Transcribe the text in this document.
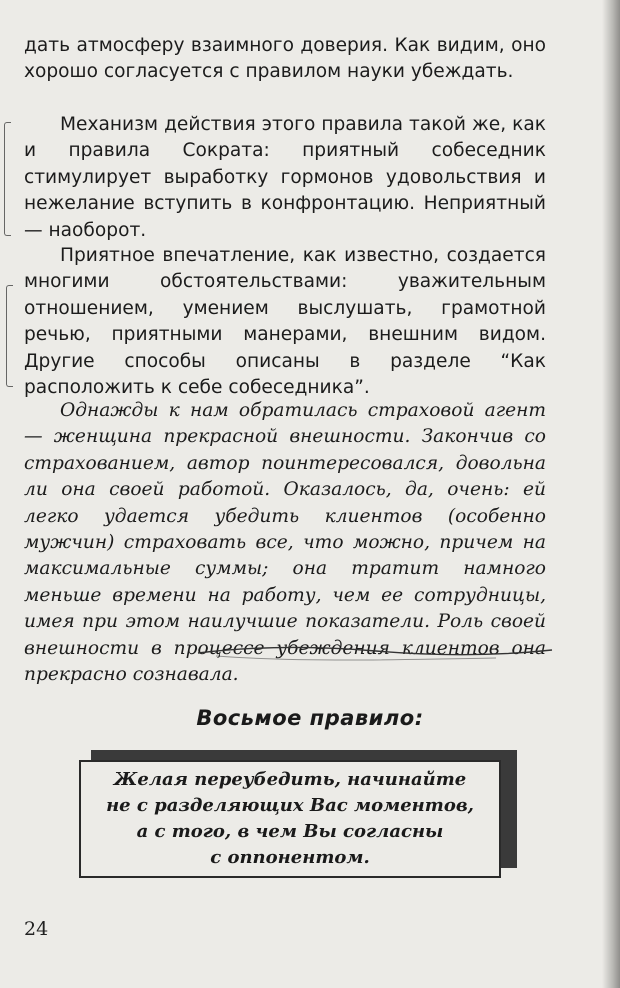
дать атмосферу взаимного доверия. Как видим, оно хорошо согласуется с правилом науки убеждать.

Механизм действия этого правила такой же, как и правила Сократа: приятный собеседник стимулирует выработку гормонов удовольствия и нежелание вступить в конфронтацию. Неприятный — наоборот.

Приятное впечатление, как известно, создается многими обстоятельствами: уважительным отношением, умением выслушать, грамотной речью, приятными манерами, внешним видом. Другие способы описаны в разделе “Как расположить к себе собеседника”.

Однажды к нам обратилась страховой агент — женщина прекрасной внешности. Закончив со страхованием, автор поинтересовался, довольна ли она своей работой. Оказалось, да, очень: ей легко удается убедить клиентов (особенно мужчин) страховать все, что можно, причем на максимальные суммы; она тратит намного меньше времени на работу, чем ее сотрудницы, имея при этом наилучшие показатели. Роль своей внешности в процессе убеждения клиентов она прекрасно сознавала.

Восьмое правило:

Желая переубедить, начинайте
не с разделяющих Вас моментов,
а с того, в чем Вы согласны
с оппонентом.

24
